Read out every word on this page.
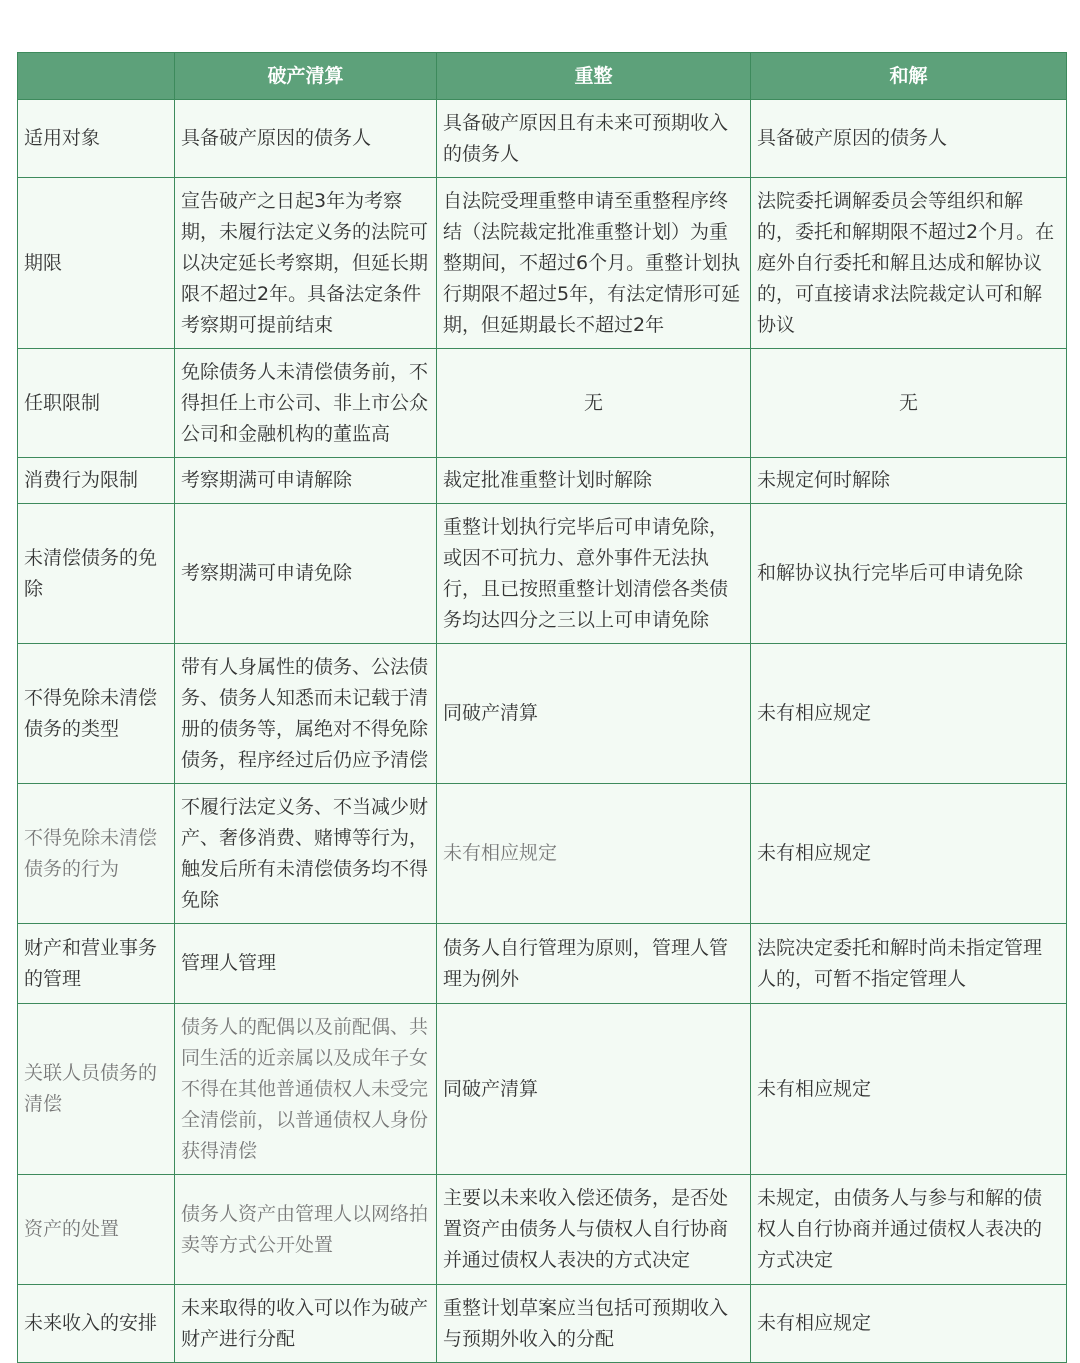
	破产清算	重整	和解
适用对象	具备破产原因的债务人	具备破产原因且有未来可预期收入的债务人	具备破产原因的债务人
期限	宣告破产之日起3年为考察期，未履行法定义务的法院可以决定延长考察期，但延长期限不超过2年。具备法定条件考察期可提前结束	自法院受理重整申请至重整程序终结（法院裁定批准重整计划）为重整期间，不超过6个月。重整计划执行期限不超过5年，有法定情形可延期，但延期最长不超过2年	法院委托调解委员会等组织和解的，委托和解期限不超过2个月。在庭外自行委托和解且达成和解协议的，可直接请求法院裁定认可和解协议
任职限制	免除债务人未清偿债务前，不得担任上市公司、非上市公众公司和金融机构的董监高	无	无
消费行为限制	考察期满可申请解除	裁定批准重整计划时解除	未规定何时解除
未清偿债务的免除	考察期满可申请免除	重整计划执行完毕后可申请免除，或因不可抗力、意外事件无法执行，且已按照重整计划清偿各类债务均达四分之三以上可申请免除	和解协议执行完毕后可申请免除
不得免除未清偿债务的类型	带有人身属性的债务、公法债务、债务人知悉而未记载于清册的债务等，属绝对不得免除债务，程序经过后仍应予清偿	同破产清算	未有相应规定
不得免除未清偿债务的行为	不履行法定义务、不当减少财产、奢侈消费、赌博等行为，触发后所有未清偿债务均不得免除	未有相应规定	未有相应规定
财产和营业事务的管理	管理人管理	债务人自行管理为原则，管理人管理为例外	法院决定委托和解时尚未指定管理人的，可暂不指定管理人
关联人员债务的清偿	债务人的配偶以及前配偶、共同生活的近亲属以及成年子女不得在其他普通债权人未受完全清偿前，以普通债权人身份获得清偿	同破产清算	未有相应规定
资产的处置	债务人资产由管理人以网络拍卖等方式公开处置	主要以未来收入偿还债务，是否处置资产由债务人与债权人自行协商并通过债权人表决的方式决定	未规定，由债务人与参与和解的债权人自行协商并通过债权人表决的方式决定
未来收入的安排	未来取得的收入可以作为破产财产进行分配	重整计划草案应当包括可预期收入与预期外收入的分配	未有相应规定
